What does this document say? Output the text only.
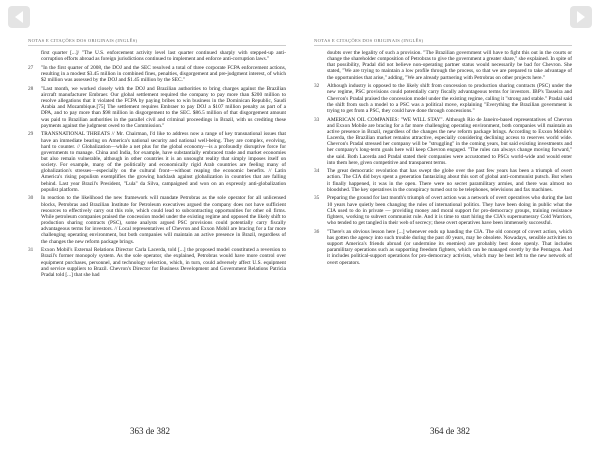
NOTAS E CITAÇÕES DOS ORIGINAIS (INGLÊS)
first quarter [...]/ "The U.S. enforcement activity level last quarter continued sharply with stepped-up anti-corruption efforts abroad as foreign jurisdictions continued to implement and enforce anti-corruption laws."
27	"In the first quarter of 2008, the DOJ and the SEC resolved a total of three corporate FCPA enforcement actions, resulting in a modest $3.45 million in combined fines, penalties, disgorgement and pre-judgment interest, of which $2 million was assessed by the DOJ and $1.45 million by the SEC."
28	"Last month, we worked closely with the DOJ and Brazilian authorities to bring charges against the Brazilian aircraft manufacturer Embraer. Our global settlement required the company to pay more than $200 million to resolve allegations that it violated the FCPA by paying bribes to win business in the Dominican Republic, Saudi Arabia and Mozambique.[75] The settlement requires Embraer to pay DOJ a $107 million penalty as part of a DPA, and to pay more than $98 million in disgorgement to the SEC. $86.5 million of that disgorgement amount was paid to Brazilian authorities in the parallel civil and criminal proceedings in Brazil, with us crediting these payments against the judgment owed to the Commission."
29	TRANSNATIONAL THREATS // Mr. Chairman, I'd like to address now a range of key transnational issues that have an immediate bearing on America's national security and national well-being. They are complex, evolving, hard to counter. // Globalization—while a net plus for the global economy—is a profoundly disruptive force for governments to manage. China and India, for example, have substantially embraced trade and market economies but also remain vulnerable, although in other countries it is an unsought reality that simply imposes itself on society. For example, many of the politically and economically rigid Arab countries are feeling many of globalization's stresses—especially on the cultural front—without reaping the economic benefits. // Latin America's rising populism exemplifies the growing backlash against globalization in countries that are falling behind. Last year Brazil's President, "Lula" da Silva, campaigned and won on an expressly anti-globalization populist platform.
30	In reaction to the likelihood the new framework will mandate Petrobras as the sole operator for all unlicensed blocks, Petrobras and Brazilian Institute for Petroleum executives argued the company does not have sufficient resources to effectively carry out this role, which could lead to subcontracting opportunities for other oil firms. While petroleum companies praised the concession model under the existing regime and opposed the likely shift to production sharing contracts (PSC), some analysts argued PSC provisions could potentially carry fiscally advantageous terms for investors. // Local representatives of Chevron and Exxon Mobil are bracing for a far more challenging operating environment, but both companies will maintain an active presence in Brazil, regardless of the changes the new reform package brings.
31	Exxon Mobil's External Relations Director Carla Lacerda, told [...] the proposed model constituted a reversion to Brazil's former monopoly system. As the sole operator, she explained, Petrobras would have more control over equipment purchases, personnel, and technology selection, which, in turn, could adversely affect U.S. equipment and service suppliers to Brazil. Chevron's Director for Business Development and Government Relations Patricia Pradal told [...] that she had
363 de 382
NOTAS E CITAÇÕES DOS ORIGINAIS (INGLÊS)
doubts over the legality of such a provision. "The Brazilian government will have to fight this out in the courts or change the shareholder composition of Petrobras to give the government a greater share," she explained. In spite of that possibility, Pradal did not believe non-operating partner status would necessarily be bad for Chevron. She stated, "We are trying to maintain a low profile through the process, so that we are prepared to take advantage of the opportunities that arise," adding, "We are already partnering with Petrobras on other projects here."
32	Although industry is opposed to the likely shift from concession to production sharing contracts (PSC) under the new regime, PSC provisions could potentially carry fiscally advantageous terms for investors. IBP's Tasseira and Chevron's Pradal praised the concession model under the existing regime, calling it "strong and stable." Pradal said the shift from such a model to a PSC was a political move, explaining "Everything the Brazilian government is trying to get from a PSC, they could have done through concessions."
33	AMERICAN OIL COMPANIES: "WE WILL STAY". Although Rio de Janeiro-based representatives of Chevron and Exxon Mobile are bracing for a far more challenging operating environment, both companies will maintain an active presence in Brazil, regardless of the changes the new reform package brings. According to Exxon Mobile's Lacerda, the Brazilian market remains attractive, especially considering declining access to reserves world wide. Chevron's Pradal stressed her company will be "struggling" in the coming years, but said existing investments and her company's long-term goals here will keep Chevron engaged. "The rules can always change moving forward," she said. Both Lacerda and Pradal stated their companies were accustomed to PSCs world-wide and would enter into them here, given competitive and transparent terms.
34	The great democratic revolution that has swept the globe over the past few years has been a triumph of overt action. The CIA did boys spent a generation fantasizing about this sort of global anti-communist putsch. But when it finally happened, it was in the open. There were no secret paramilitary armies, and there was almost no bloodshed. The key operatives in the conspiracy turned out to be telephones, televisions and fax machines.
35	Preparing the ground for last month's triumph of overt action was a network of overt operatives who during the last 10 years have quietly been changing the rules of international politics. They have been doing in public what the CIA used to do in private — providing money and moral support for pro-democracy groups, training resistance fighters, working to subvert communist rule. And it is time to start hiring the CIA's supernumerary Cold Warriors, who tended to get tangled in their web of secrecy; these overt operatives have been immensely successful.
36	"There's an obvious lesson here [...] whenever ends up handing the CIA. The old concept of covert action, which has gotten the agency into such trouble during the past 40 years, may be obsolete. Nowadays, sensible activities to support America's friends abroad (or undermine its enemies) are probably best done openly. That includes paramilitary operations such as supporting freedom fighters, which can be managed overtly by the Pentagon. And it includes political-support operations for pro-democracy activists, which may be best left to the new network of overt operators.
364 de 382
